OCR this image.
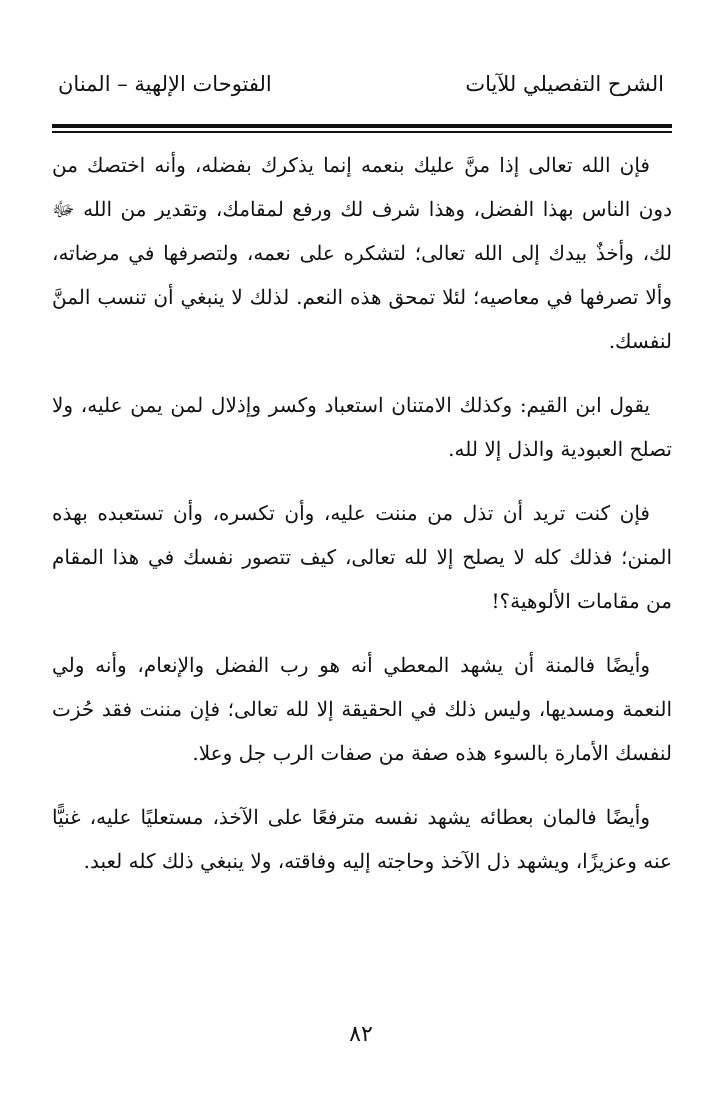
الشرح التفصيلي للآيات
الفتوحات الإلهية – المنان

فإن الله تعالى إذا منَّ عليك بنعمه إنما يذكرك بفضله، وأنه اختصك من دون الناس بهذا الفضل، وهذا شرف لك ورفع لمقامك، وتقدير من الله ﷻ لك، وأخذٌ بيدك إلى الله تعالى؛ لتشكره على نعمه، ولتصرفها في مرضاته، وألا تصرفها في معاصيه؛ لئلا تمحق هذه النعم. لذلك لا ينبغي أن تنسب المنَّ لنفسك.

يقول ابن القيم: وكذلك الامتنان استعباد وكسر وإذلال لمن يمن عليه، ولا تصلح العبودية والذل إلا لله.

فإن كنت تريد أن تذل من مننت عليه، وأن تكسره، وأن تستعبده بهذه المنن؛ فذلك كله لا يصلح إلا لله تعالى، كيف تتصور نفسك في هذا المقام من مقامات الألوهية؟!

وأيضًا فالمنة أن يشهد المعطي أنه هو رب الفضل والإنعام، وأنه ولي النعمة ومسديها، وليس ذلك في الحقيقة إلا لله تعالى؛ فإن مننت فقد حُزت لنفسك الأمارة بالسوء هذه صفة من صفات الرب جل وعلا.

وأيضًا فالمان بعطائه يشهد نفسه مترفعًا على الآخذ، مستعليًا عليه، غنيًّا عنه وعزيزًا، ويشهد ذل الآخذ وحاجته إليه وفاقته، ولا ينبغي ذلك كله لعبد.

٨٢
